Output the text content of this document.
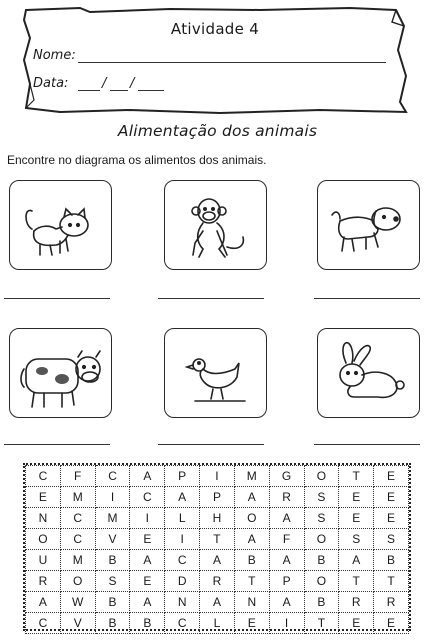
Atividade 4
Nome:
Data:	/ /
Alimentação dos animais
Encontre no diagrama os alimentos dos animais.
C	F	C	A	P	I	M	G	O	T	E
E	M	I	C	A	P	A	R	S	E	E
N	C	M	I	L	H	O	A	S	E	E
O	C	V	E	I	T	A	F	O	S	S
U	M	B	A	C	A	B	A	B	A	B
R	O	S	E	D	R	T	P	O	T	T
A	W	B	A	N	A	N	A	B	R	R
C	V	B	B	C	L	E	I	T	E	E
